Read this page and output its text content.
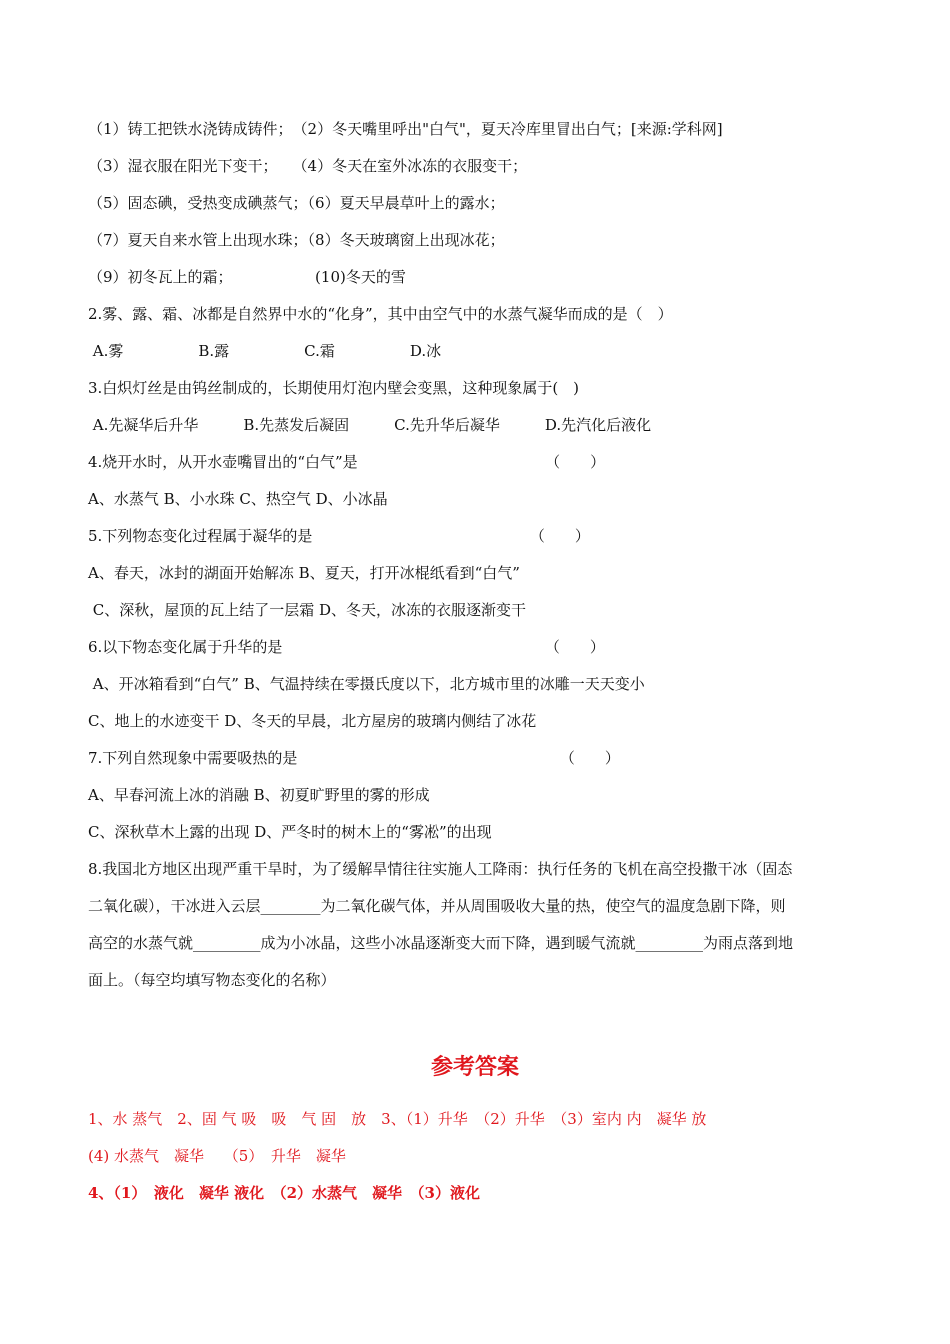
（1）铸工把铁水浇铸成铸件；　（2）冬天嘴里呼出"白气"，夏天冷库里冒出白气；[来源:学科网]
（3）湿衣服在阳光下变干；　　（4）冬天在室外冰冻的衣服变干；
（5）固态碘，受热变成碘蒸气；（6）夏天早晨草叶上的露水；
（7）夏天自来水管上出现水珠；（8）冬天玻璃窗上出现冰花；
（9）初冬瓦上的霜；　　　　　　(10)冬天的雪
2.雾、露、霜、冰都是自然界中水的“化身”，其中由空气中的水蒸气凝华而成的是（　）
A.雾　　　　　B.露　　　　　C.霜　　　　　D.冰
3.白炽灯丝是由钨丝制成的，长期使用灯泡内壁会变黑，这种现象属于(　)
A.先凝华后升华　　　B.先蒸发后凝固　　　C.先升华后凝华　　　D.先汽化后液化
4.烧开水时，从开水壶嘴冒出的“白气”是　　　　　　　　　　　　　（　　）
A、水蒸气 B、小水珠 C、热空气 D、小冰晶
5.下列物态变化过程属于凝华的是　　　　　　　　　　　　　　　（　　）
A、春天，冰封的湖面开始解冻 B、夏天，打开冰棍纸看到“白气”
C、深秋，屋顶的瓦上结了一层霜 D、冬天，冰冻的衣服逐渐变干
6.以下物态变化属于升华的是　　　　　　　　　　　　　　　　　　（　　）
A、开冰箱看到“白气” B、气温持续在零摄氏度以下，北方城市里的冰雕一天天变小
C、地上的水迹变干 D、冬天的早晨，北方屋房的玻璃内侧结了冰花
7.下列自然现象中需要吸热的是　　　　　　　　　　　　　　　　　　（　　）
A、早春河流上冰的消融 B、初夏旷野里的雾的形成
C、深秋草木上露的出现 D、严冬时的树木上的“雾凇”的出现
8.我国北方地区出现严重干旱时，为了缓解旱情往往实施人工降雨：执行任务的飞机在高空投撒干冰（固态
二氧化碳），干冰进入云层________为二氧化碳气体，并从周围吸收大量的热，使空气的温度急剧下降，则
高空的水蒸气就_________成为小冰晶，这些小冰晶逐渐变大而下降，遇到暖气流就_________为雨点落到地
面上。（每空均填写物态变化的名称）
参考答案
1、水 蒸气　2、固 气 吸　吸　气 固　放　3、（1）升华　（2）升华　（3）室内 内　凝华 放
(4) 水蒸气　凝华　 （5）　升华　凝华
4、（1）　液化　凝华 液化　（2）水蒸气　凝华　（3）液化
